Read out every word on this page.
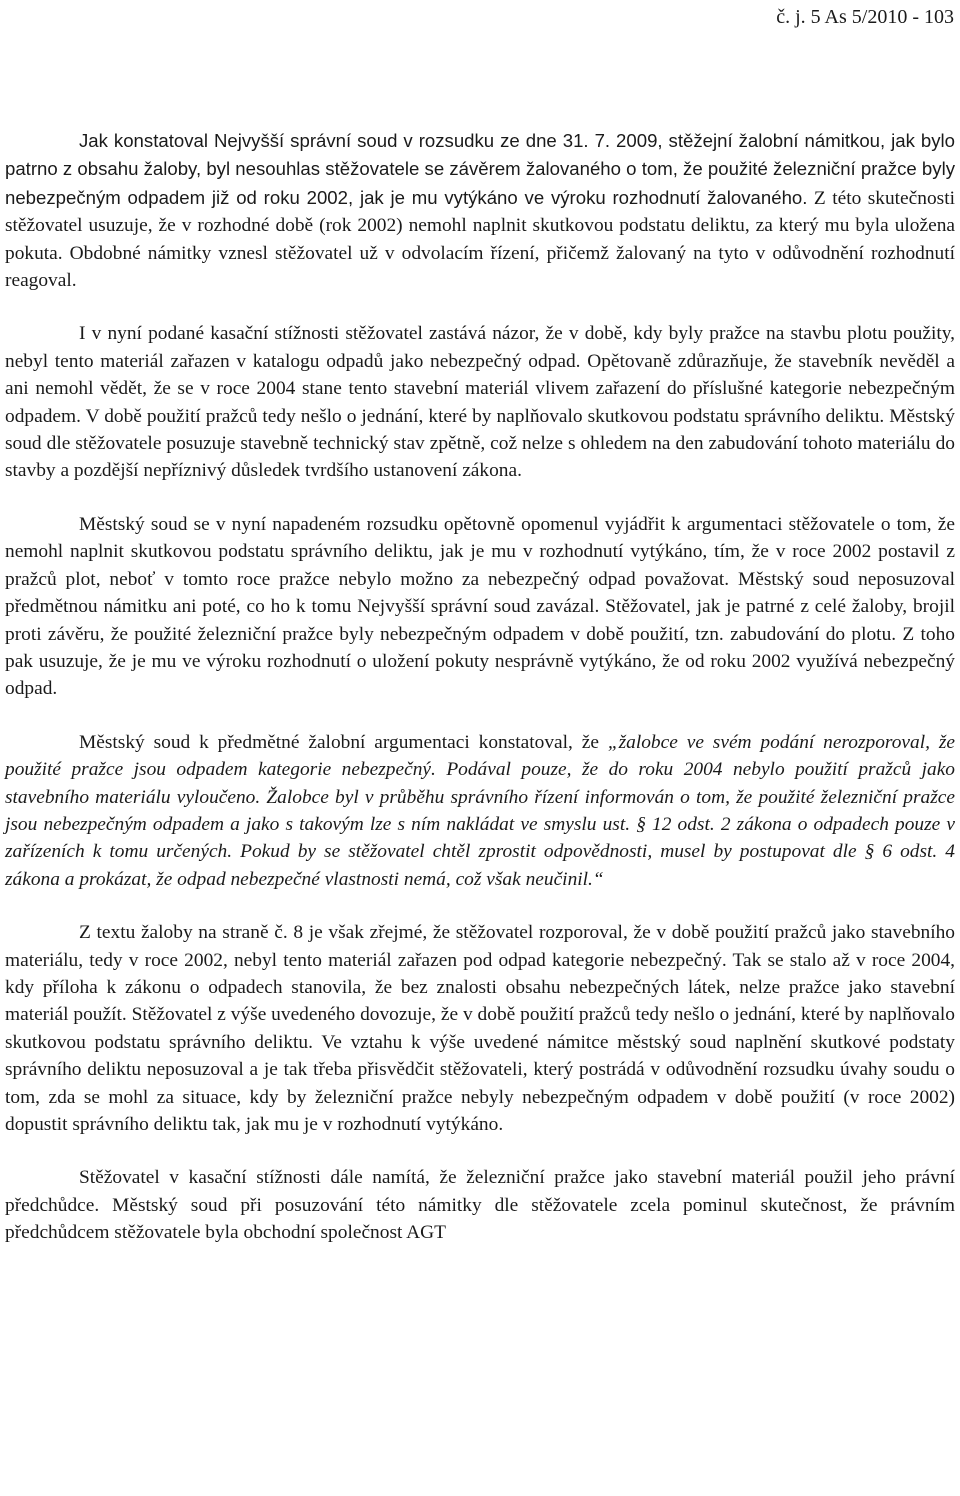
č. j. 5 As 5/2010 - 103

Jak konstatoval Nejvyšší správní soud v rozsudku ze dne 31. 7. 2009, stěžejní žalobní námitkou, jak bylo patrno z obsahu žaloby, byl nesouhlas stěžovatele se závěrem žalovaného o tom, že použité železniční pražce byly nebezpečným odpadem již od roku 2002, jak je mu vytýkáno ve výroku rozhodnutí žalovaného. Z této skutečnosti stěžovatel usuzuje, že v rozhodné době (rok 2002) nemohl naplnit skutkovou podstatu deliktu, za který mu byla uložena pokuta. Obdobné námitky vznesl stěžovatel už v odvolacím řízení, přičemž žalovaný na tyto v odůvodnění rozhodnutí reagoval.

I v nyní podané kasační stížnosti stěžovatel zastává názor, že v době, kdy byly pražce na stavbu plotu použity, nebyl tento materiál zařazen v katalogu odpadů jako nebezpečný odpad. Opětovaně zdůrazňuje, že stavebník nevěděl a ani nemohl vědět, že se v roce 2004 stane tento stavební materiál vlivem zařazení do příslušné kategorie nebezpečným odpadem. V době použití pražců tedy nešlo o jednání, které by naplňovalo skutkovou podstatu správního deliktu. Městský soud dle stěžovatele posuzuje stavebně technický stav zpětně, což nelze s ohledem na den zabudování tohoto materiálu do stavby a pozdější nepříznivý důsledek tvrdšího ustanovení zákona.

Městský soud se v nyní napadeném rozsudku opětovně opomenul vyjádřit k argumentaci stěžovatele o tom, že nemohl naplnit skutkovou podstatu správního deliktu, jak je mu v rozhodnutí vytýkáno, tím, že v roce 2002 postavil z pražců plot, neboť v tomto roce pražce nebylo možno za nebezpečný odpad považovat. Městský soud neposuzoval předmětnou námitku ani poté, co ho k tomu Nejvyšší správní soud zavázal. Stěžovatel, jak je patrné z celé žaloby, brojil proti závěru, že použité železniční pražce byly nebezpečným odpadem v době použití, tzn. zabudování do plotu. Z toho pak usuzuje, že je mu ve výroku rozhodnutí o uložení pokuty nesprávně vytýkáno, že od roku 2002 využívá nebezpečný odpad.

Městský soud k předmětné žalobní argumentaci konstatoval, že „žalobce ve svém podání nerozporoval, že použité pražce jsou odpadem kategorie nebezpečný. Podával pouze, že do roku 2004 nebylo použití pražců jako stavebního materiálu vyloučeno. Žalobce byl v průběhu správního řízení informován o tom, že použité železniční pražce jsou nebezpečným odpadem a jako s takovým lze s ním nakládat ve smyslu ust. § 12 odst. 2 zákona o odpadech pouze v zařízeních k tomu určených. Pokud by se stěžovatel chtěl zprostit odpovědnosti, musel by postupovat dle § 6 odst. 4 zákona a prokázat, že odpad nebezpečné vlastnosti nemá, což však neučinil.“

Z textu žaloby na straně č. 8 je však zřejmé, že stěžovatel rozporoval, že v době použití pražců jako stavebního materiálu, tedy v roce 2002, nebyl tento materiál zařazen pod odpad kategorie nebezpečný. Tak se stalo až v roce 2004, kdy příloha k zákonu o odpadech stanovila, že bez znalosti obsahu nebezpečných látek, nelze pražce jako stavební materiál použít. Stěžovatel z výše uvedeného dovozuje, že v době použití pražců tedy nešlo o jednání, které by naplňovalo skutkovou podstatu správního deliktu. Ve vztahu k výše uvedené námitce městský soud naplnění skutkové podstaty správního deliktu neposuzoval a je tak třeba přisvědčit stěžovateli, který postrádá v odůvodnění rozsudku úvahy soudu o tom, zda se mohl za situace, kdy by železniční pražce nebyly nebezpečným odpadem v době použití (v roce 2002) dopustit správního deliktu tak, jak mu je v rozhodnutí vytýkáno.

Stěžovatel v kasační stížnosti dále namítá, že železniční pražce jako stavební materiál použil jeho právní předchůdce. Městský soud při posuzování této námitky dle stěžovatele zcela pominul skutečnost, že právním předchůdcem stěžovatele byla obchodní společnost AGT
